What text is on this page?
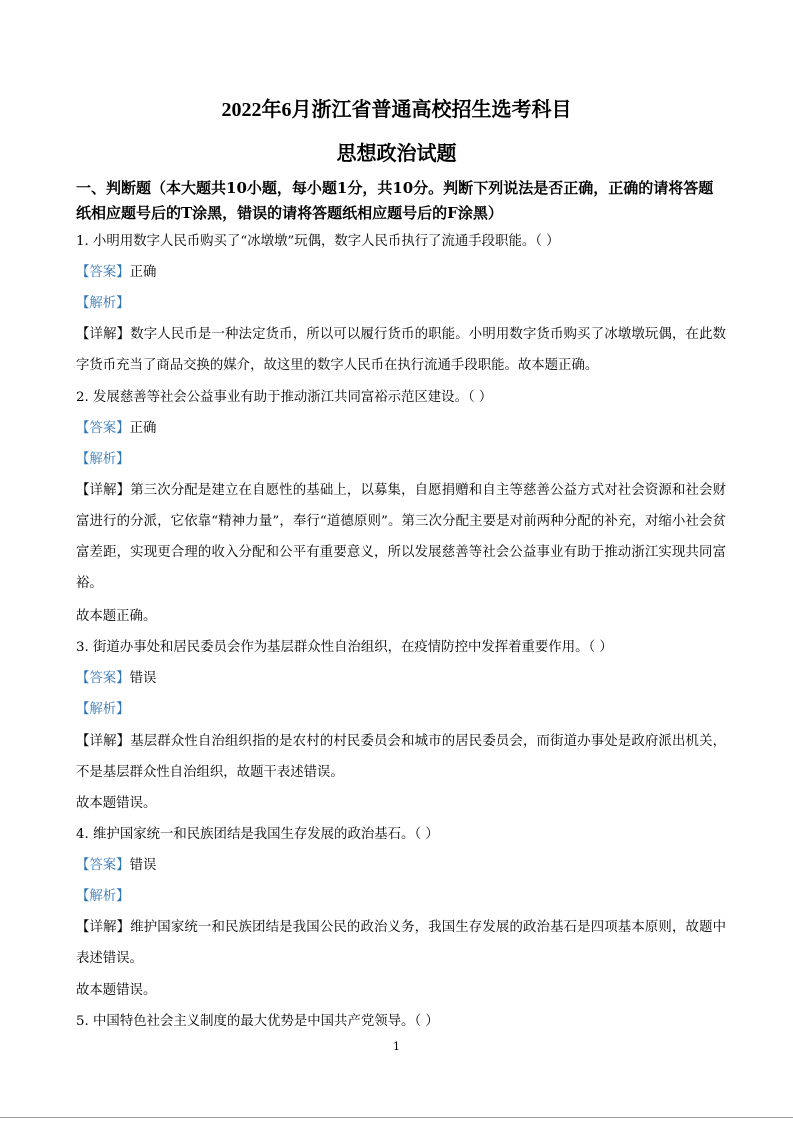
2022年6月浙江省普通高校招生选考科目
思想政治试题
一、判断题（本大题共10小题，每小题1分，共10分。判断下列说法是否正确，正确的请将答题纸相应题号后的T涂黑，错误的请将答题纸相应题号后的F涂黑）
1. 小明用数字人民币购买了“冰墩墩”玩偶，数字人民币执行了流通手段职能。（ ）
【答案】正确
【解析】
【详解】数字人民币是一种法定货币，所以可以履行货币的职能。小明用数字货币购买了冰墩墩玩偶，在此数字货币充当了商品交换的媒介，故这里的数字人民币在执行流通手段职能。故本题正确。
2. 发展慈善等社会公益事业有助于推动浙江共同富裕示范区建设。（ ）
【答案】正确
【解析】
【详解】第三次分配是建立在自愿性的基础上，以募集，自愿捐赠和自主等慈善公益方式对社会资源和社会财富进行的分派，它依靠“精神力量”，奉行“道德原则”。第三次分配主要是对前两种分配的补充，对缩小社会贫富差距，实现更合理的收入分配和公平有重要意义，所以发展慈善等社会公益事业有助于推动浙江实现共同富裕。
故本题正确。
3. 街道办事处和居民委员会作为基层群众性自治组织，在疫情防控中发挥着重要作用。（ ）
【答案】错误
【解析】
【详解】基层群众性自治组织指的是农村的村民委员会和城市的居民委员会，而街道办事处是政府派出机关，不是基层群众性自治组织，故题干表述错误。
故本题错误。
4. 维护国家统一和民族团结是我国生存发展的政治基石。（ ）
【答案】错误
【解析】
【详解】维护国家统一和民族团结是我国公民的政治义务，我国生存发展的政治基石是四项基本原则，故题中表述错误。
故本题错误。
5. 中国特色社会主义制度的最大优势是中国共产党领导。（ ）
1
